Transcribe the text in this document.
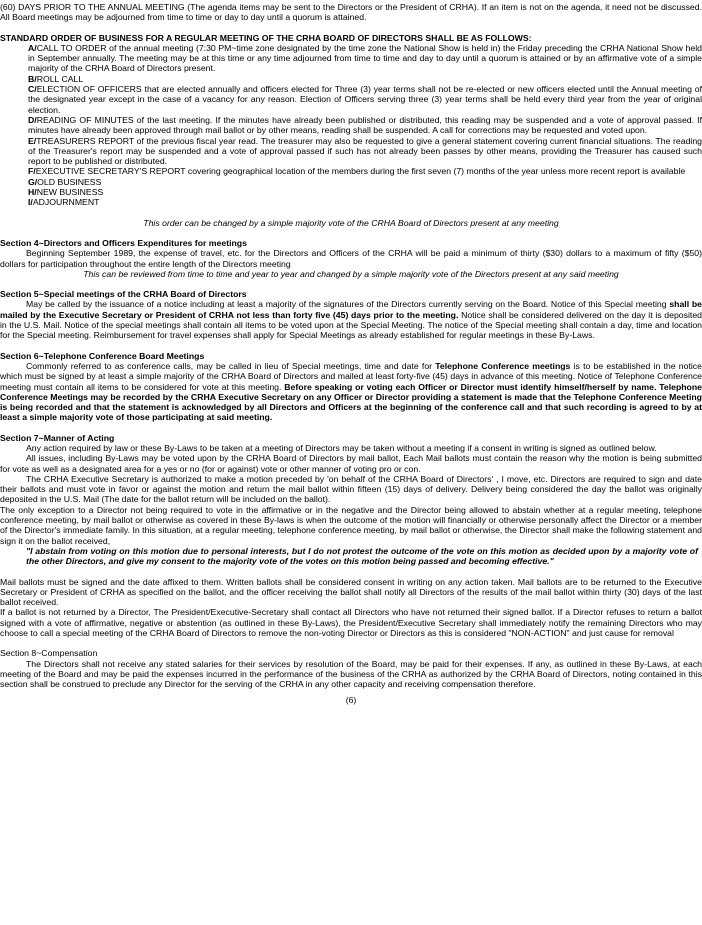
(60) DAYS PRIOR TO THE ANNUAL MEETING (The agenda items may be sent to the Directors or the President of CRHA). If an item is not on the agenda, it need not be discussed. All Board meetings may be adjourned from time to time or day to day until a quorum is attained.

STANDARD ORDER OF BUSINESS FOR A REGULAR MEETING OF THE CRHA BOARD OF DIRECTORS SHALL BE AS FOLLOWS:

A/CALL TO ORDER of the annual meeting (7:30 PM~time zone designated by the time zone the National Show is held in) the Friday preceding the CRHA National Show held in September annually. The meeting may be at this time or any time adjourned from time to time and day to day until a quorum is attained or by an affirmative vote of a simple majority of the CRHA Board of Directors present.

B/ROLL CALL

C/ELECTION OF OFFICERS that are elected annually and officers elected for Three (3) year terms shall not be re-elected or new officers elected until the Annual meeting of the designated year except in the case of a vacancy for any reason. Election of Officers serving three (3) year terms shall be held every third year from the year of original election.

D/READING OF MINUTES of the last meeting. If the minutes have already been published or distributed, this reading may be suspended and a vote of approval passed. If minutes have already been approved through mail ballot or by other means, reading shall be suspended. A call for corrections may be requested and voted upon.

E/TREASURERS REPORT of the previous fiscal year read. The treasurer may also be requested to give a general statement covering current financial situations. The reading of the Treasurer's report may be suspended and a vote of approval passed if such has not already been passes by other means, providing the Treasurer has caused such report to be published or distributed.

F/EXECUTIVE SECRETARY'S REPORT covering geographical location of the members during the first seven (7) months of the year unless more recent report is available

G/OLD BUSINESS

H/NEW BUSINESS

I/ADJOURNMENT

This order can be changed by a simple majority vote of the CRHA Board of Directors present at any meeting

Section 4~Directors and Officers Expenditures for meetings

Beginning September 1989, the expense of travel, etc. for the Directors and Officers of the CRHA will be paid a minimum of thirty ($30) dollars to a maximum of fifty ($50) dollars for participation throughout the entire length of the Directors meeting

This can be reviewed from time to time and year to year and changed by a simple majority vote of the Directors present at any said meeting

Section 5~Special meetings of the CRHA Board of Directors

May be called by the issuance of a notice including at least a majority of the signatures of the Directors currently serving on the Board. Notice of this Special meeting shall be mailed by the Executive Secretary or President of CRHA not less than forty five (45) days prior to the meeting. Notice shall be considered delivered on the day it is deposited in the U.S. Mail. Notice of the special meetings shall contain all items to be voted upon at the Special Meeting. The notice of the Special meeting shall contain a day, time and location for the Special meeting. Reimbursement for travel expenses shall apply for Special Meetings as already established for regular meetings in these By-Laws.

Section 6~Telephone Conference Board Meetings

Commonly referred to as conference calls, may be called in lieu of Special meetings, time and date for Telephone Conference meetings is to be established in the notice which must be signed by at least a simple majority of the CRHA Board of Directors and mailed at least forty-five (45) days in advance of this meeting. Notice of Telephone Conference meeting must contain all items to be considered for vote at this meeting. Before speaking or voting each Officer or Director must identify himself/herself by name. Telephone Conference Meetings may be recorded by the CRHA Executive Secretary on any Officer or Director providing a statement is made that the Telephone Conference Meeting is being recorded and that the statement is acknowledged by all Directors and Officers at the beginning of the conference call and that such recording is agreed to by at least a simple majority vote of those participating at said meeting.

Section 7~Manner of Acting

Any action required by law or these By-Laws to be taken at a meeting of Directors may be taken without a meeting if a consent in writing is signed as outlined below.

All issues, including By-Laws may be voted upon by the CRHA Board of Directors by mail ballot, Each Mail ballots must contain the reason why the motion is being submitted for vote as well as a designated area for a yes or no (for or against) vote or other manner of voting pro or con.

The CRHA Executive Secretary is authorized to make a motion preceded by 'on behalf of the CRHA Board of Directors' , I move, etc. Directors are required to sign and date their ballots and must vote in favor or against the motion and return the mail ballot within fifteen (15) days of delivery. Delivery being considered the day the ballot was originally deposited in the U.S. Mail (The date for the ballot return will be included on the ballot).

The only exception to a Director not being required to vote in the affirmative or in the negative and the Director being allowed to abstain whether at a regular meeting, telephone conference meeting, by mail ballot or otherwise as covered in these By-laws is when the outcome of the motion will financially or otherwise personally affect the Director or a member of the Director's immediate family. In this situation, at a regular meeting, telephone conference meeting, by mail ballot or otherwise, the Director shall make the following statement and sign it on the ballot received,

"I abstain from voting on this motion due to personal interests, but I do not protest the outcome of the vote on this motion as decided upon by a majority vote of the other Directors, and give my consent to the majority vote of the votes on this motion being passed and becoming effective."

Mail ballots must be signed and the date affixed to them. Written ballots shall be considered consent in writing on any action taken. Mail ballots are to be returned to the Executive Secretary or President of CRHA as specified on the ballot, and the officer receiving the ballot shall notify all Directors of the results of the mail ballot within thirty (30) days of the last ballot received.

If a ballot is not returned by a Director, The President/Executive-Secretary shall contact all Directors who have not returned their signed ballot. If a Director refuses to return a ballot signed with a vote of affirmative, negative or abstention (as outlined in these By-Laws), the President/Executive Secretary shall immediately notify the remaining Directors who may choose to call a special meeting of the CRHA Board of Directors to remove the non-voting Director or Directors as this is considered "NON-ACTION" and just cause for removal

Section 8~Compensation

The Directors shall not receive any stated salaries for their services by resolution of the Board, may be paid for their expenses. If any, as outlined in these By-Laws, at each meeting of the Board and may be paid the expenses incurred in the performance of the business of the CRHA as authorized by the CRHA Board of Directors, noting contained in this section shall be construed to preclude any Director for the serving of the CRHA in any other capacity and receiving compensation therefore.

(6)
